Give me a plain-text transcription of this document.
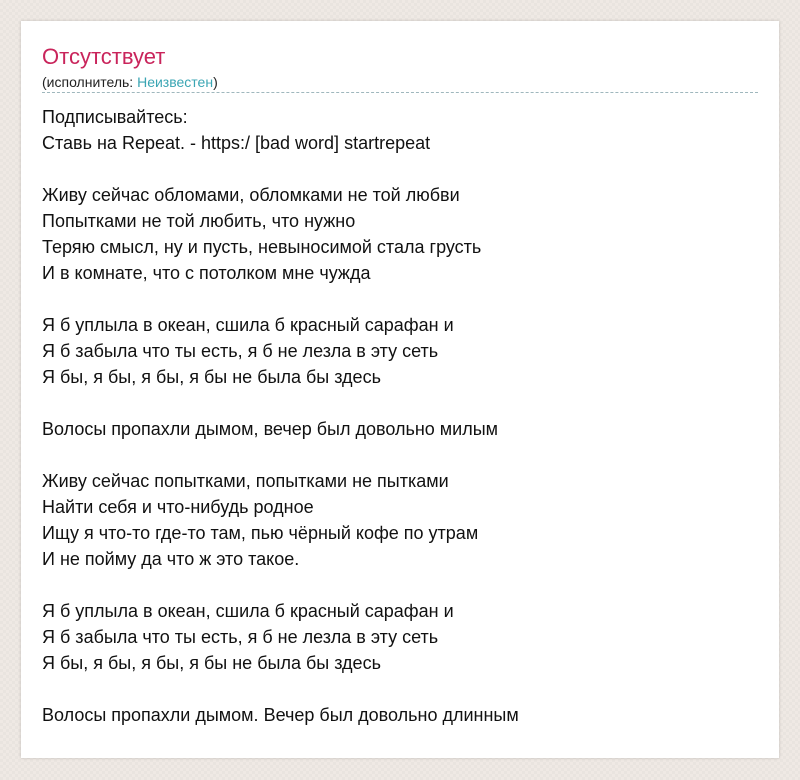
Отсутствует
(исполнитель: Неизвестен)
Подписывайтесь:
Ставь на Repeat. - https:/ [bad word] startrepeat
Живу сейчас обломами, обломками не той любви
Попытками не той любить, что нужно
Теряю смысл, ну и пусть, невыносимой стала грусть
И в комнате, что с потолком мне чужда
Я б уплыла в океан, сшила б красный сарафан и
Я б забыла что ты есть, я б не лезла в эту сеть
Я бы, я бы, я бы, я бы не была бы здесь
Волосы пропахли дымом, вечер был довольно милым
Живу сейчас попытками, попытками не пытками
Найти себя и что-нибудь родное
Ищу я что-то где-то там, пью чёрный кофе по утрам
И не пойму да что ж это такое.
Я б уплыла в океан, сшила б красный сарафан и
Я б забыла что ты есть, я б не лезла в эту сеть
Я бы, я бы, я бы, я бы не была бы здесь
Волосы пропахли дымом. Вечер был довольно длинным
